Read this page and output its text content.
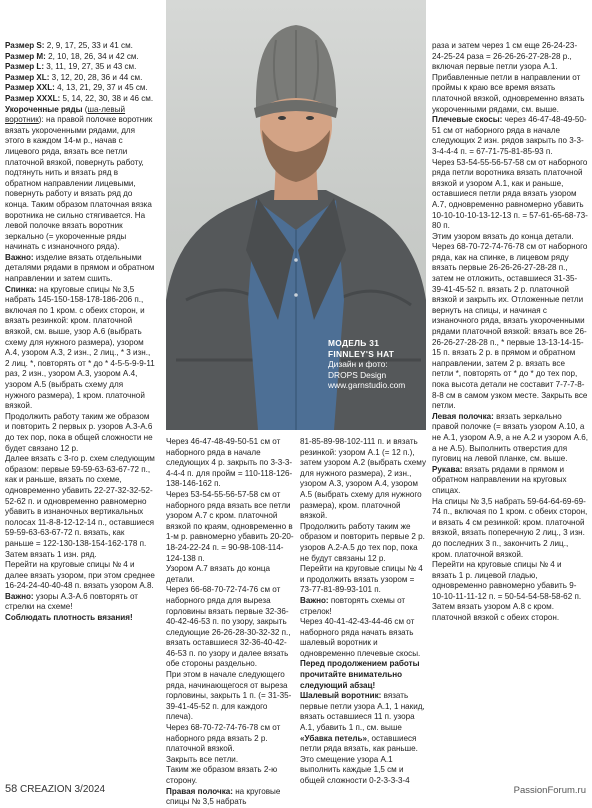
Размер S: 2, 9, 17, 25, 33 и 41 см.

Размер M: 2, 10, 18, 26, 34 и 42 см.

Размер L: 3, 11, 19, 27, 35 и 43 см.

Размер XL: 3, 12, 20, 28, 36 и 44 см.

Размер XXL: 4, 13, 21, 29, 37 и 45 см.

Размер XXXL: 5, 14, 22, 30, 38 и 46 см.

Укороченные ряды (ша-левый воротник): на правой полочке воротник вязать укороченными рядами, для этого в каждом 14-м р., начав с лицевого ряда, вязать все петли платочной вязкой, повернуть работу, подтянуть нить и вязать ряд в обратном направлении лицевыми, повернуть работу и вязать ряд до конца. Таким образом платочная вязка воротника не сильно стягивается. На левой полочке вязать воротник зеркально (= укороченные ряды начинать с изнаночного ряда).

Важно: изделие вязать отдельными деталями рядами в прямом и обратном направлении и затем сшить.

Спинка: на круговые спицы № 3,5 набрать 145-150-158-178-186-206 п., включая по 1 кром. с обеих сторон, и вязать резинкой: кром. платочной вязкой, см. выше, узор А.6 (выбрать схему для нужного размера), узором А.4, узором А.3, 2 изн., 2 лиц., * 3 изн., 2 лиц. *, повторять от * до * 4-5-5-9-9-11 раз, 2 изн., узором А.3, узором А.4, узором А.5 (выбрать схему для нужного размера), 1 кром. платочной вязкой.

Продолжить работу таким же образом и повторить 2 первых р. узоров А.3-А.6 до тех пор, пока в общей сложности не будет связано 12 р.

Далее вязать с 3-го р. схем следующим образом: первые 59-59-63-63-67-72 п., как и раньше, вязать по схеме, одновременно убавить 22-27-32-32-52-52-62 п. и одновременно равномерно убавить в изнаночных вертикальных полосах 11-8-8-12-12-14 п., оставшиеся 59-59-63-63-67-72 п. вязать, как раньше = 122-130-138-154-162-178 п.

Затем вязать 1 изн. ряд.

Перейти на круговые спицы № 4 и далее вязать узором, при этом среднее 16-24-24-40-40-48 п. вязать узором А.8.

Важно: узоры А.3-А.6 повторять от стрелки на схеме!

Соблюдать плотность вязания!

МОДЕЛЬ 31
FINNLEY'S HAT
Дизайн и фото:
DROPS Design
www.garnstudio.com

Через 46-47-48-49-50-51 см от наборного ряда в начале следующих 4 р. закрыть по 3-3-3-4-4-4 п. для пройм = 110-118-126-138-146-162 п.

Через 53-54-55-56-57-58 см от наборного ряда вязать все петли узором А.7 с кром. платочной вязкой по краям, одновременно в 1-м р. равномерно убавить 20-20-18-24-22-24 п. = 90-98-108-114-124-138 п.

Узором А.7 вязать до конца детали.

Через 66-68-70-72-74-76 см от наборного ряда для выреза горловины вязать первые 32-36-40-42-46-53 п. по узору, закрыть следующие 26-26-28-30-32-32 п., вязать оставшиеся 32-36-40-42-46-53 п. по узору и далее вязать обе стороны раздельно.

При этом в начале следующего ряда, начинающегося от выреза горловины, закрыть 1 п. (= 31-35-39-41-45-52 п. для каждого плеча).

Через 68-70-72-74-76-78 см от наборного ряда вязать 2 р. платочной вязкой.

Закрыть все петли.

Таким же образом вязать 2-ю сторону.

Правая полочка: на круговые спицы № 3,5 набрать

81-85-89-98-102-111 п. и вязать резинкой: узором А.1 (= 12 п.), затем узором А.2 (выбрать схему для нужного размера), 2 изн., узором А.3, узором А.4, узором А.5 (выбрать схему для нужного размера), кром. платочной вязкой.

Продолжить работу таким же образом и повторить первые 2 р. узоров А.2-А.5 до тех пор, пока не будут связаны 12 р.

Перейти на круговые спицы № 4 и продолжить вязать узором = 73-77-81-89-93-101 п.

Важно: повторять схемы от стрелок!

Через 40-41-42-43-44-46 см от наборного ряда начать вязать шалевый воротник и одновременно плечевые скосы.

Перед продолжением работы прочитайте внимательно следующий абзац!

Шалевый воротник: вязать первые петли узора А.1, 1 накид, вязать оставшиеся 11 п. узора А.1, убавить 1 п., см. выше «Убавка петель», оставшиеся петли ряда вязать, как раньше.

Это смещение узора А.1 выполнить каждые 1,5 см и общей сложности 0-2-3-3-3-4

раза и затем через 1 см еще 26-24-23-24-25-24 раза = 26-26-26-27-28-28 р., включая первые петли узора А.1. Прибавленные петли в направлении от проймы к краю все время вязать платочной вязкой, одновременно вязать укороченными рядами, см. выше.

Плечевые скосы: через 46-47-48-49-50-51 см от наборного ряда в начале следующих 2 изн. рядов закрыть по 3-3-3-4-4-4 п. = 67-71-75-81-85-93 п.

Через 53-54-55-56-57-58 см от наборного ряда петли воротника вязать платочной вязкой и узором А.1, как и раньше, оставшиеся петли ряда вязать узором А.7, одновременно равномерно убавить 10-10-10-10-13-12-13 п. = 57-61-65-68-73-80 п.

Этим узором вязать до конца детали.

Через 68-70-72-74-76-78 см от наборного ряда, как на спинке, в лицевом ряду вязать первые 26-26-26-27-28-28 п., затем не отложить, оставшиеся 31-35-39-41-45-52 п. вязать 2 р. платочной вязкой и закрыть их. Отложенные петли вернуть на спицы, и начиная с изнаночного ряда, вязать укороченными рядами платочной вязкой: вязать все 26-26-26-27-28-28 п., * первые 13-13-14-15-15 п. вязать 2 р. в прямом и обратном направлении, затем 2 р. вязать все петли *, повторять от * до * до тех пор, пока высота детали не составит 7-7-7-8-8-8 см в самом узком месте. Закрыть все петли.

Левая полочка: вязать зеркально правой полочке (= вязать узором А.10, а не А.1, узором А.9, а не А.2 и узором А.6, а не А.5). Выполнить отверстия для пуговиц на левой планке, см. выше.

Рукава: вязать рядами в прямом и обратном направлении на круговых спицах.

На спицы № 3,5 набрать 59-64-64-69-69-74 п., включая по 1 кром. с обеих сторон, и вязать 4 см резинкой: кром. платочной вязкой, вязать поперечную 2 лиц., 3 изн. до последних 3 п., закончить 2 лиц., кром. платочной вязкой.

Перейти на круговые спицы № 4 и вязать 1 р. лицевой гладью, одновременно равномерно убавить 9-10-10-11-11-12 п. = 50-54-54-58-58-62 п. Затем вязать узором А.8 с кром. платочной вязкой с обеих сторон.

58 CREAZION 3/2024	PassionForum.ru
